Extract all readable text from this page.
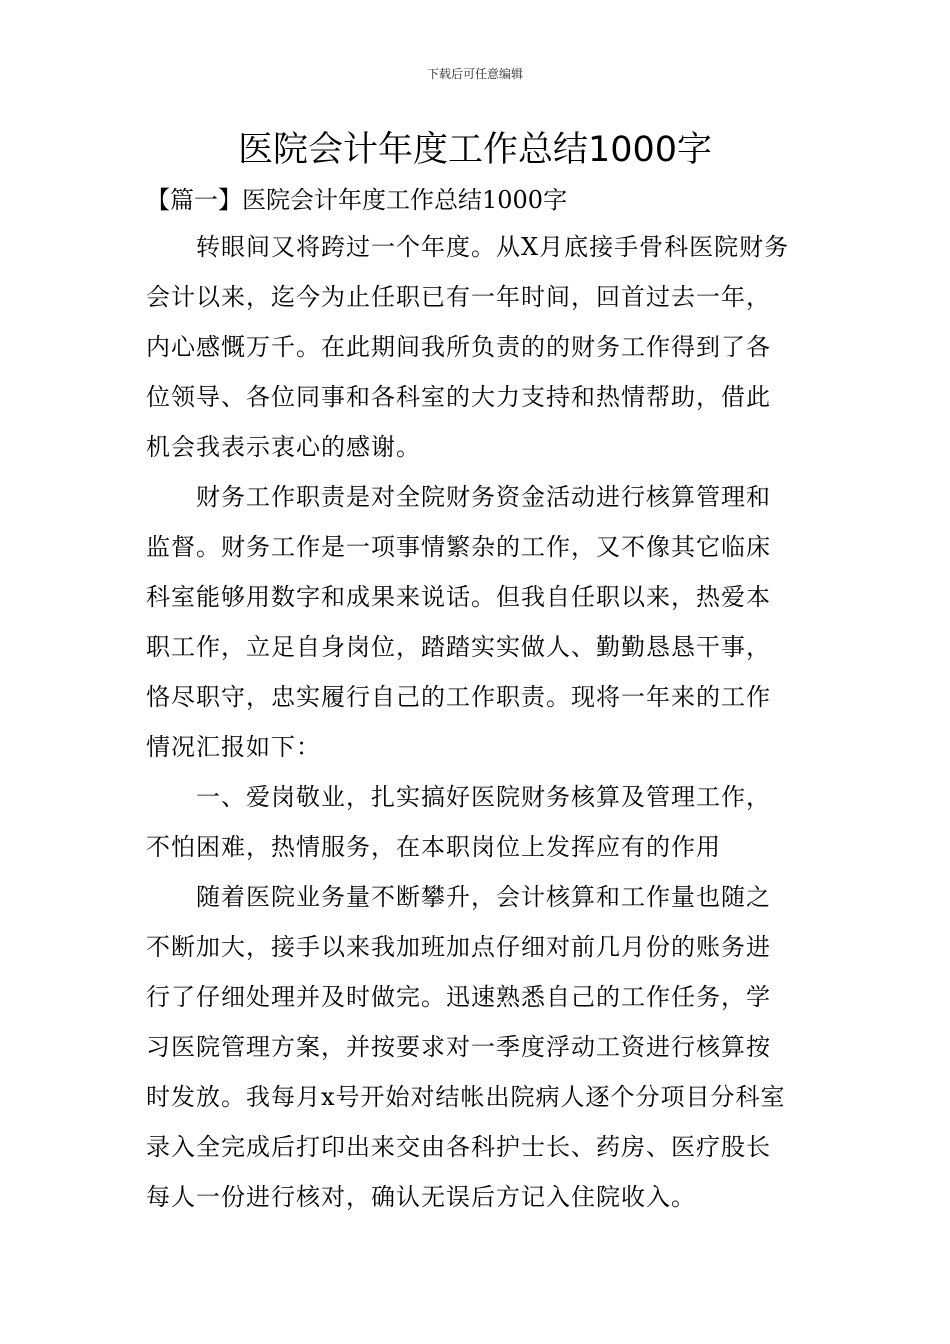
下载后可任意编辑
医院会计年度工作总结1000字
【篇一】医院会计年度工作总结1000字
　　转眼间又将跨过一个年度。从X月底接手骨科医院财务
会计以来，迄今为止任职已有一年时间，回首过去一年，
内心感慨万千。在此期间我所负责的的财务工作得到了各
位领导、各位同事和各科室的大力支持和热情帮助，借此
机会我表示衷心的感谢。
　　财务工作职责是对全院财务资金活动进行核算管理和
监督。财务工作是一项事情繁杂的工作，又不像其它临床
科室能够用数字和成果来说话。但我自任职以来，热爱本
职工作，立足自身岗位，踏踏实实做人、勤勤恳恳干事，
恪尽职守，忠实履行自己的工作职责。现将一年来的工作
情况汇报如下：
　　一、爱岗敬业，扎实搞好医院财务核算及管理工作，
不怕困难，热情服务，在本职岗位上发挥应有的作用
　　随着医院业务量不断攀升，会计核算和工作量也随之
不断加大，接手以来我加班加点仔细对前几月份的账务进
行了仔细处理并及时做完。迅速熟悉自己的工作任务，学
习医院管理方案，并按要求对一季度浮动工资进行核算按
时发放。我每月x号开始对结帐出院病人逐个分项目分科室
录入全完成后打印出来交由各科护士长、药房、医疗股长
每人一份进行核对，确认无误后方记入住院收入。
